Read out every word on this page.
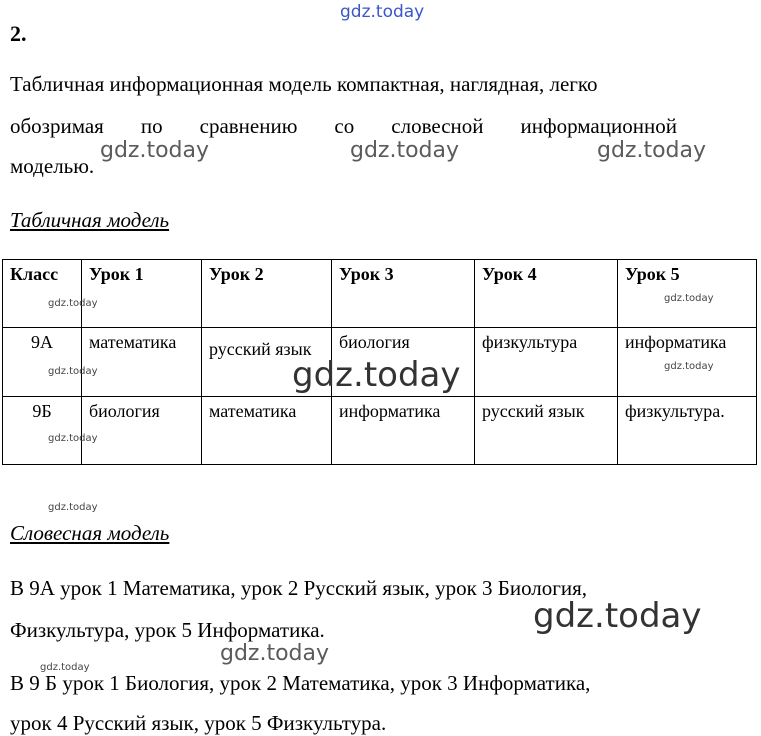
gdz.today
2.
Табличная информационная модель компактная, наглядная, легко
обозримая по сравнению со словесной информационной
моделью.
gdz.today	gdz.today	gdz.today
Табличная модель
Класс	Урок 1	Урок 2	Урок 3	Урок 4	Урок 5
9А	математика	русский язык	биология	физкультура	информатика
9Б	биология	математика	информатика	русский язык	физкультура.
gdz.today	gdz.today
gdz.today	gdz.today
gdz.today
gdz.today
gdz.today
Словесная модель
В 9А урок 1 Математика, урок 2 Русский язык, урок 3 Биология,
Физкультура, урок 5 Информатика.	gdz.today
gdz.today
gdz.today
В 9 Б урок 1 Биология, урок 2 Математика, урок 3 Информатика,
урок 4 Русский язык, урок 5 Физкультура.
